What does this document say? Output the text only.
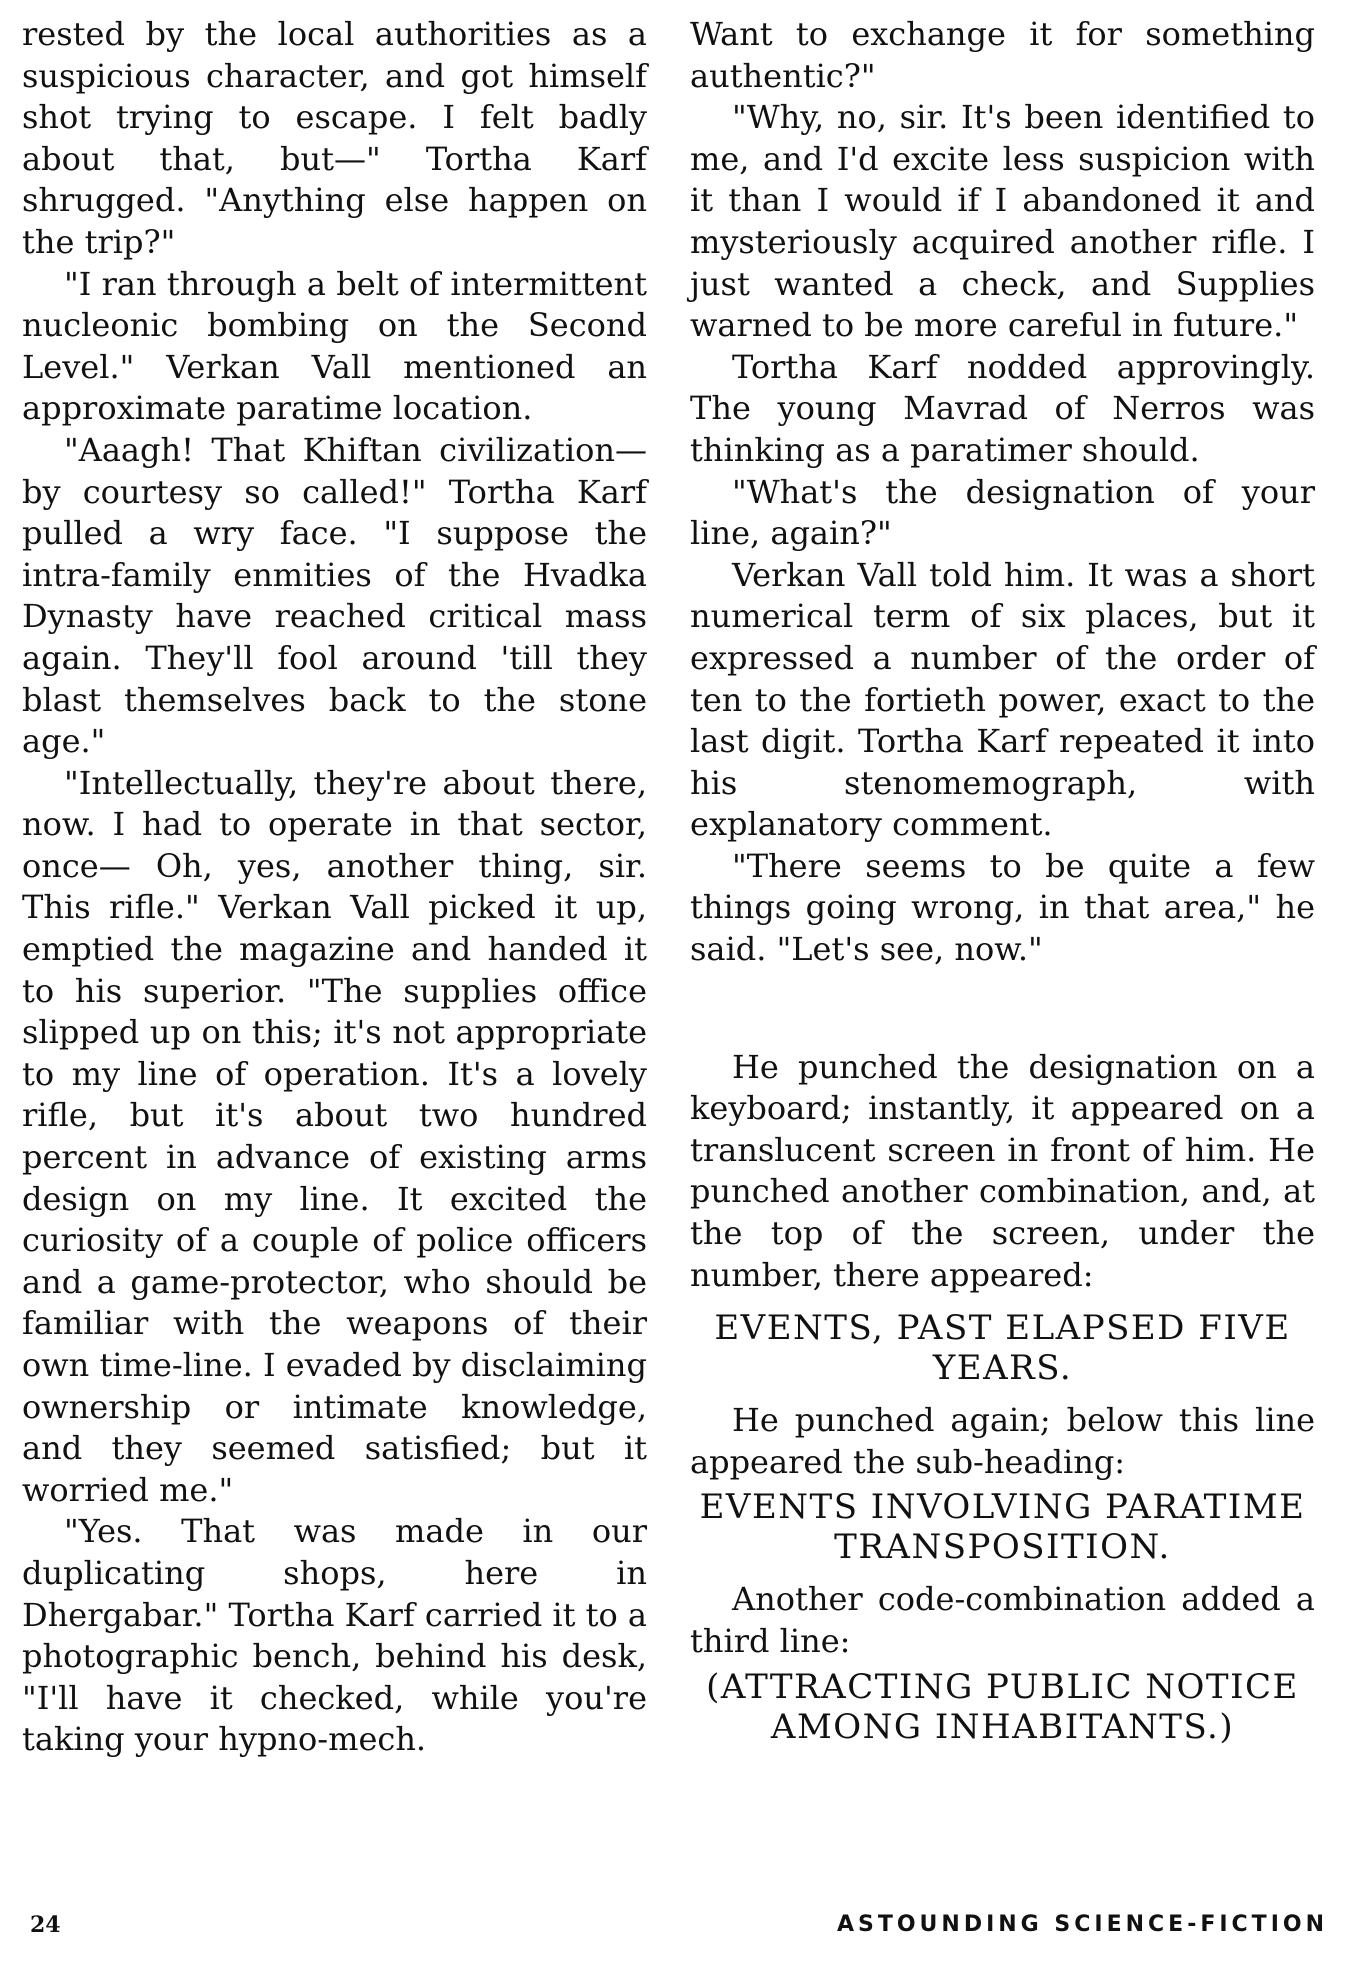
rested by the local authorities as a suspicious character, and got himself shot trying to escape. I felt badly about that, but—" Tortha Karf shrugged. "Anything else happen on the trip?"

"I ran through a belt of intermittent nucleonic bombing on the Second Level." Verkan Vall mentioned an approximate paratime location.

"Aaagh! That Khiftan civilization—by courtesy so called!" Tortha Karf pulled a wry face. "I suppose the intra-family enmities of the Hvadka Dynasty have reached critical mass again. They'll fool around 'till they blast themselves back to the stone age."

"Intellectually, they're about there, now. I had to operate in that sector, once— Oh, yes, another thing, sir. This rifle." Verkan Vall picked it up, emptied the magazine and handed it to his superior. "The supplies office slipped up on this; it's not appropriate to my line of operation. It's a lovely rifle, but it's about two hundred percent in advance of existing arms design on my line. It excited the curiosity of a couple of police officers and a game-protector, who should be familiar with the weapons of their own time-line. I evaded by disclaiming ownership or intimate knowledge, and they seemed satisfied; but it worried me."

"Yes. That was made in our duplicating shops, here in Dhergabar." Tortha Karf carried it to a photographic bench, behind his desk, "I'll have it checked, while you're taking your hypno-mech.

Want to exchange it for something authentic?"

"Why, no, sir. It's been identified to me, and I'd excite less suspicion with it than I would if I abandoned it and mysteriously acquired another rifle. I just wanted a check, and Supplies warned to be more careful in future."

Tortha Karf nodded approvingly. The young Mavrad of Nerros was thinking as a paratimer should.

"What's the designation of your line, again?"

Verkan Vall told him. It was a short numerical term of six places, but it expressed a number of the order of ten to the fortieth power, exact to the last digit. Tortha Karf repeated it into his stenomemograph, with explanatory comment.

"There seems to be quite a few things going wrong, in that area," he said. "Let's see, now."

He punched the designation on a keyboard; instantly, it appeared on a translucent screen in front of him. He punched another combination, and, at the top of the screen, under the number, there appeared:

EVENTS, PAST ELAPSED FIVE YEARS.

He punched again; below this line appeared the sub-heading:

EVENTS INVOLVING PARATIME TRANSPOSITION.

Another code-combination added a third line:

(ATTRACTING PUBLIC NOTICE AMONG INHABITANTS.)

24	ASTOUNDING SCIENCE-FICTION
